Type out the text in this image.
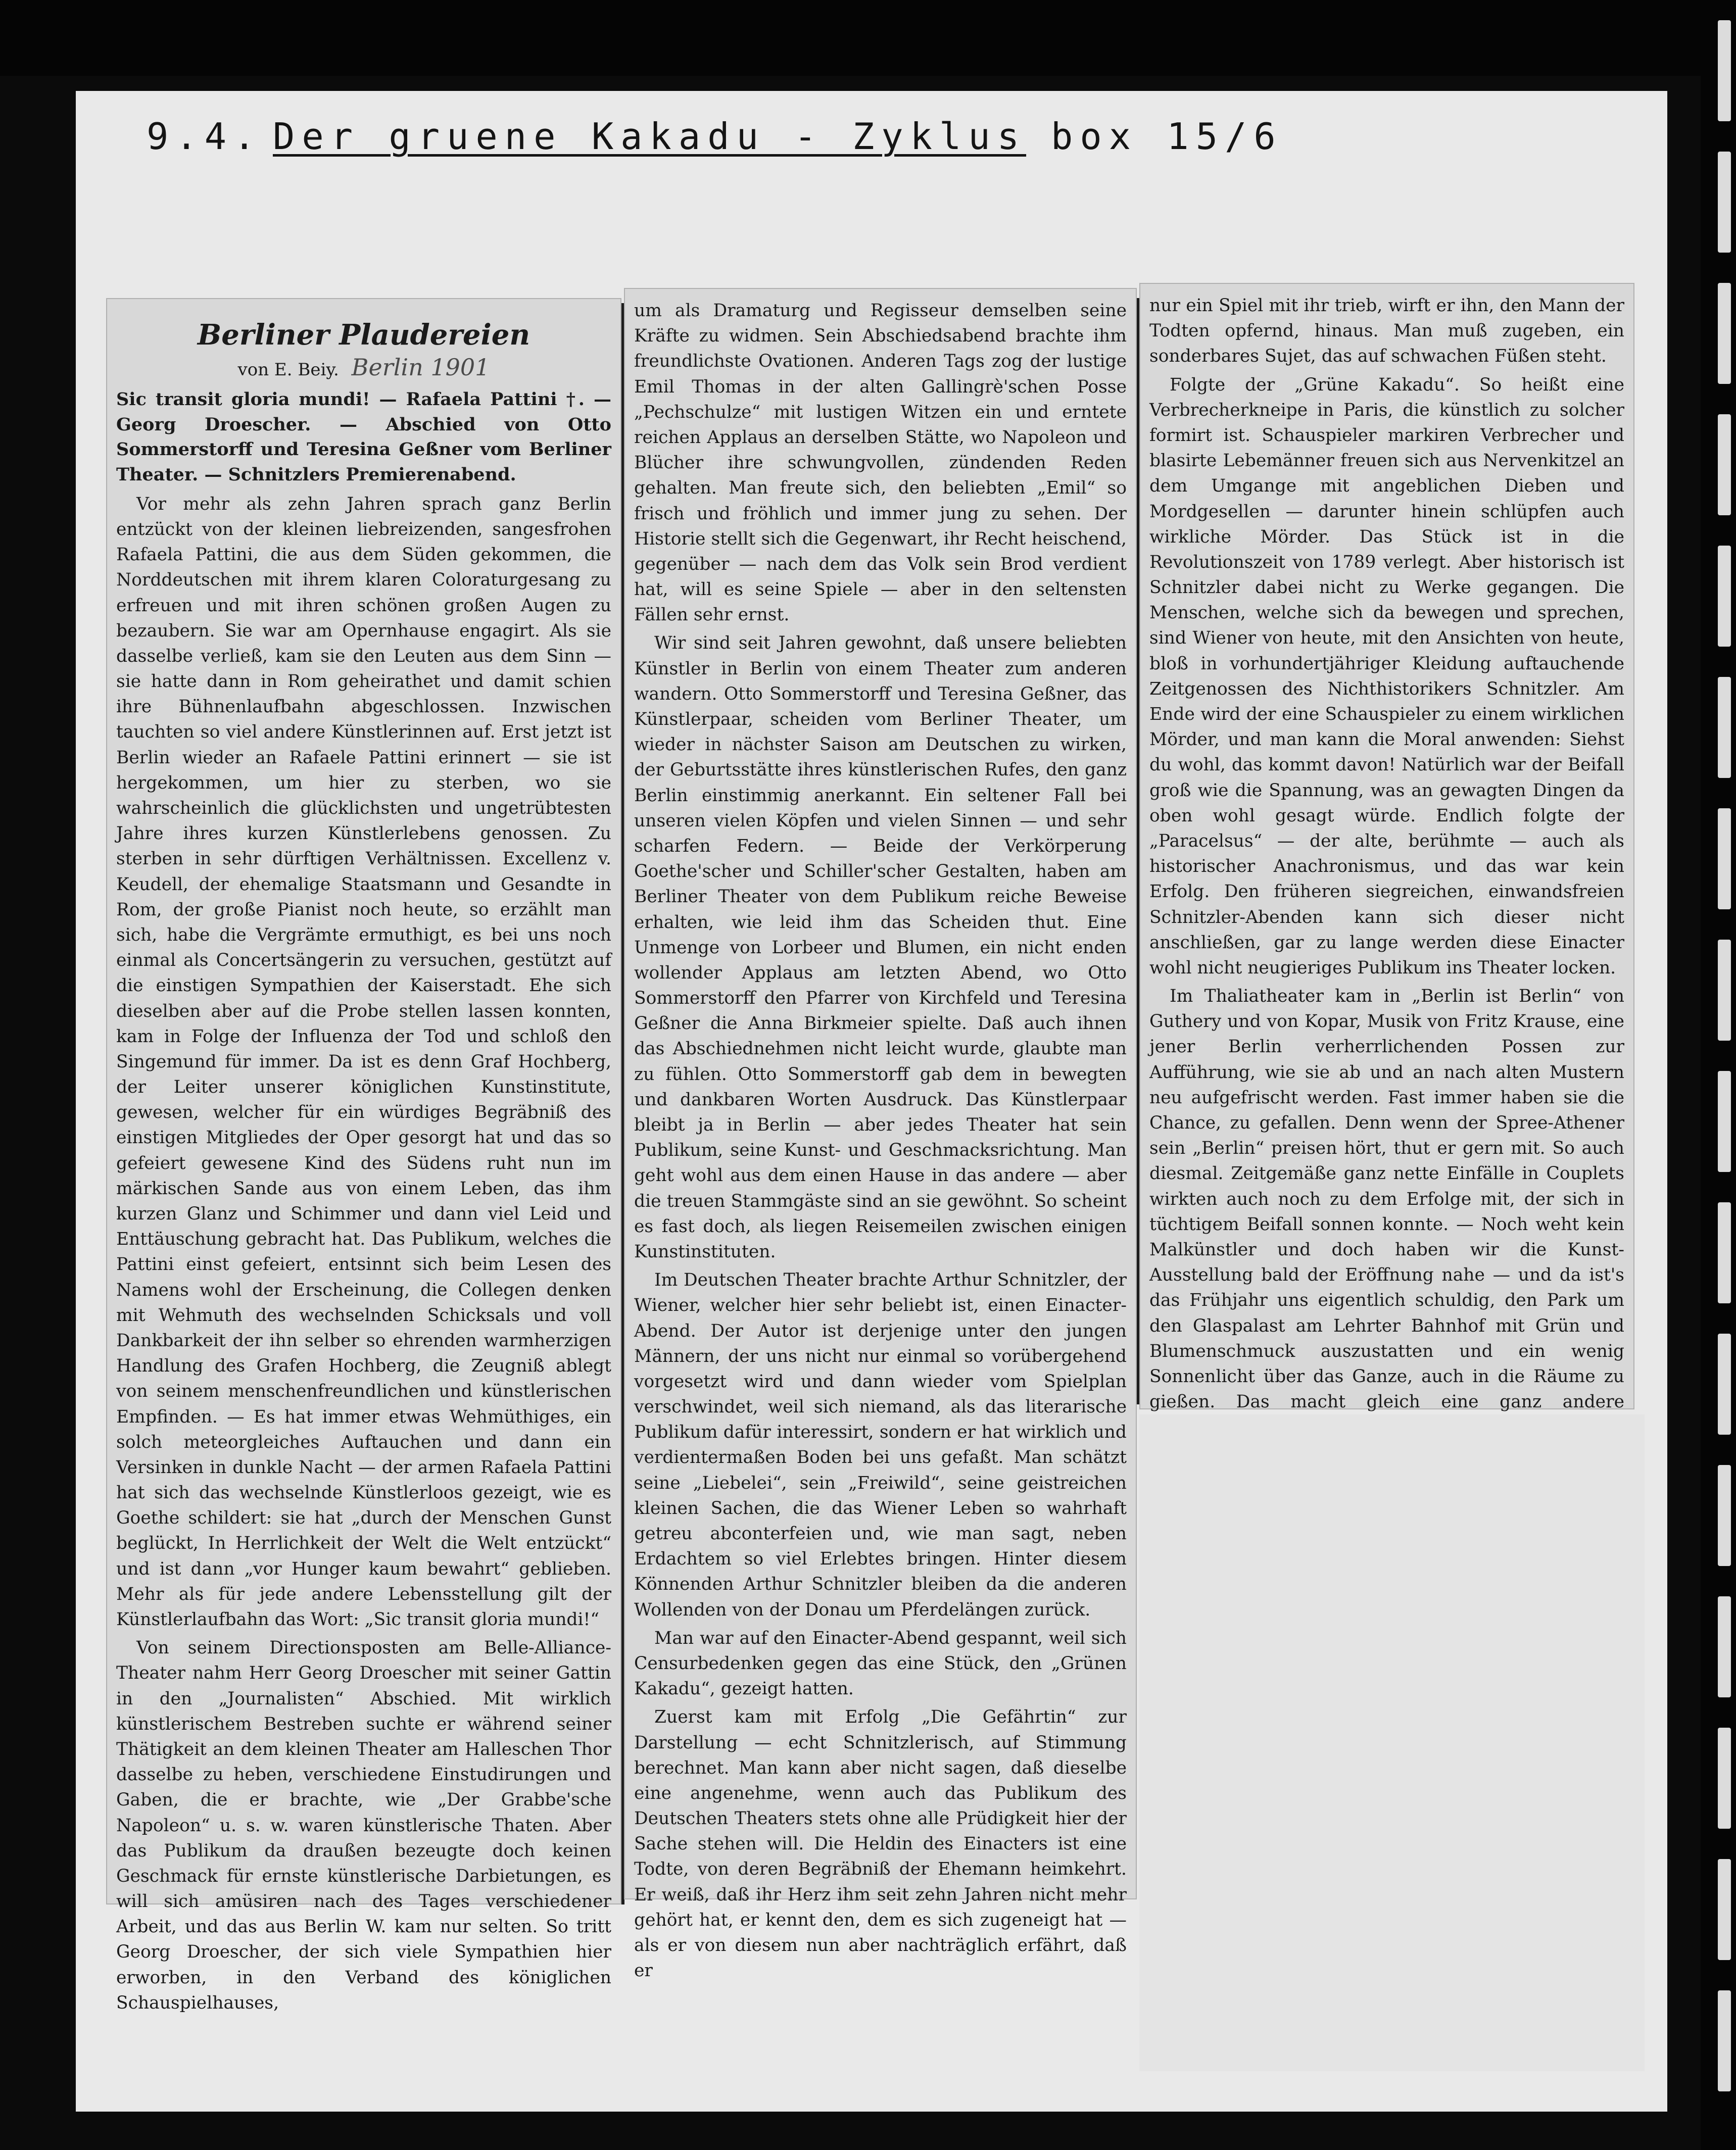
9.4. Der gruene Kakadu - Zyklus box 15/6
Berliner Plaudereien
von E. Beiy. Berlin 1901
Sic transit gloria mundi! — Rafaela Pattini †. — Georg Droescher. — Abschied von Otto Sommerstorff und Teresina Geßner vom Berliner Theater. — Schnitzlers Premierenabend.

Vor mehr als zehn Jahren sprach ganz Berlin entzückt von der kleinen liebreizenden, sangesfrohen Rafaela Pattini, die aus dem Süden gekommen, die Norddeutschen mit ihrem klaren Coloraturgesang zu erfreuen und mit ihren schönen großen Augen zu bezaubern. Sie war am Opernhause engagirt. Als sie dasselbe verließ, kam sie den Leuten aus dem Sinn — sie hatte dann in Rom geheirathet und damit schien ihre Bühnenlaufbahn abgeschlossen. Inzwischen tauchten so viel andere Künstlerinnen auf. Erst jetzt ist Berlin wieder an Rafaele Pattini erinnert — sie ist hergekommen, um hier zu sterben, wo sie wahrscheinlich die glücklichsten und ungetrübtesten Jahre ihres kurzen Künstlerlebens genossen. Zu sterben in sehr dürftigen Verhältnissen. Excellenz v. Keudell, der ehemalige Staatsmann und Gesandte in Rom, der große Pianist noch heute, so erzählt man sich, habe die Vergrämte ermuthigt, es bei uns noch einmal als Concertsängerin zu versuchen, gestützt auf die einstigen Sympathien der Kaiserstadt. Ehe sich dieselben aber auf die Probe stellen lassen konnten, kam in Folge der Influenza der Tod und schloß den Singemund für immer. Da ist es denn Graf Hochberg, der Leiter unserer königlichen Kunstinstitute, gewesen, welcher für ein würdiges Begräbniß des einstigen Mitgliedes der Oper gesorgt hat und das so gefeiert gewesene Kind des Südens ruht nun im märkischen Sande aus von einem Leben, das ihm kurzen Glanz und Schimmer und dann viel Leid und Enttäuschung gebracht hat. Das Publikum, welches die Pattini einst gefeiert, entsinnt sich beim Lesen des Namens wohl der Erscheinung, die Collegen denken mit Wehmuth des wechselnden Schicksals und voll Dankbarkeit der ihn selber so ehrenden warmherzigen Handlung des Grafen Hochberg, die Zeugniß ablegt von seinem menschenfreundlichen und künstlerischen Empfinden. — Es hat immer etwas Wehmüthiges, ein solch meteorgleiches Auftauchen und dann ein Versinken in dunkle Nacht — der armen Rafaela Pattini hat sich das wechselnde Künstlerloos gezeigt, wie es Goethe schildert: sie hat „durch der Menschen Gunst beglückt, In Herrlichkeit der Welt die Welt entzückt“ und ist dann „vor Hunger kaum bewahrt“ geblieben. Mehr als für jede andere Lebensstellung gilt der Künstlerlaufbahn das Wort: „Sic transit gloria mundi!“

Von seinem Directionsposten am Belle-Alliance-Theater nahm Herr Georg Droescher mit seiner Gattin in den „Journalisten“ Abschied. Mit wirklich künstlerischem Bestreben suchte er während seiner Thätigkeit an dem kleinen Theater am Halleschen Thor dasselbe zu heben, verschiedene Einstudirungen und Gaben, die er brachte, wie „Der Grabbe'sche Napoleon“ u. s. w. waren künstlerische Thaten. Aber das Publikum da draußen bezeugte doch keinen Geschmack für ernste künstlerische Darbietungen, es will sich amüsiren nach des Tages verschiedener Arbeit, und das aus Berlin W. kam nur selten. So tritt Georg Droescher, der sich viele Sympathien hier erworben, in den Verband des königlichen Schauspielhauses,

um als Dramaturg und Regisseur demselben seine Kräfte zu widmen. Sein Abschiedsabend brachte ihm freundlichste Ovationen. Anderen Tags zog der lustige Emil Thomas in der alten Gallingrè'schen Posse „Pechschulze“ mit lustigen Witzen ein und erntete reichen Applaus an derselben Stätte, wo Napoleon und Blücher ihre schwungvollen, zündenden Reden gehalten. Man freute sich, den beliebten „Emil“ so frisch und fröhlich und immer jung zu sehen. Der Historie stellt sich die Gegenwart, ihr Recht heischend, gegenüber — nach dem das Volk sein Brod verdient hat, will es seine Spiele — aber in den seltensten Fällen sehr ernst.

Wir sind seit Jahren gewohnt, daß unsere beliebten Künstler in Berlin von einem Theater zum anderen wandern. Otto Sommerstorff und Teresina Geßner, das Künstlerpaar, scheiden vom Berliner Theater, um wieder in nächster Saison am Deutschen zu wirken, der Geburtsstätte ihres künstlerischen Rufes, den ganz Berlin einstimmig anerkannt. Ein seltener Fall bei unseren vielen Köpfen und vielen Sinnen — und sehr scharfen Federn. — Beide der Verkörperung Goethe'scher und Schiller'scher Gestalten, haben am Berliner Theater von dem Publikum reiche Beweise erhalten, wie leid ihm das Scheiden thut. Eine Unmenge von Lorbeer und Blumen, ein nicht enden wollender Applaus am letzten Abend, wo Otto Sommerstorff den Pfarrer von Kirchfeld und Teresina Geßner die Anna Birkmeier spielte. Daß auch ihnen das Abschiednehmen nicht leicht wurde, glaubte man zu fühlen. Otto Sommerstorff gab dem in bewegten und dankbaren Worten Ausdruck. Das Künstlerpaar bleibt ja in Berlin — aber jedes Theater hat sein Publikum, seine Kunst- und Geschmacksrichtung. Man geht wohl aus dem einen Hause in das andere — aber die treuen Stammgäste sind an sie gewöhnt. So scheint es fast doch, als liegen Reisemeilen zwischen einigen Kunstinstituten.

Im Deutschen Theater brachte Arthur Schnitzler, der Wiener, welcher hier sehr beliebt ist, einen Einacter-Abend. Der Autor ist derjenige unter den jungen Männern, der uns nicht nur einmal so vorübergehend vorgesetzt wird und dann wieder vom Spielplan verschwindet, weil sich niemand, als das literarische Publikum dafür interessirt, sondern er hat wirklich und verdientermaßen Boden bei uns gefaßt. Man schätzt seine „Liebelei“, sein „Freiwild“, seine geistreichen kleinen Sachen, die das Wiener Leben so wahrhaft getreu abconterfeien und, wie man sagt, neben Erdachtem so viel Erlebtes bringen. Hinter diesem Könnenden Arthur Schnitzler bleiben da die anderen Wollenden von der Donau um Pferdelängen zurück.

Man war auf den Einacter-Abend gespannt, weil sich Censurbedenken gegen das eine Stück, den „Grünen Kakadu“, gezeigt hatten.

Zuerst kam mit Erfolg „Die Gefährtin“ zur Darstellung — echt Schnitzlerisch, auf Stimmung berechnet. Man kann aber nicht sagen, daß dieselbe eine angenehme, wenn auch das Publikum des Deutschen Theaters stets ohne alle Prüdigkeit hier der Sache stehen will. Die Heldin des Einacters ist eine Todte, von deren Begräbniß der Ehemann heimkehrt. Er weiß, daß ihr Herz ihm seit zehn Jahren nicht mehr gehört hat, er kennt den, dem es sich zugeneigt hat — als er von diesem nun aber nachträglich erfährt, daß er

nur ein Spiel mit ihr trieb, wirft er ihn, den Mann der Todten opfernd, hinaus. Man muß zugeben, ein sonderbares Sujet, das auf schwachen Füßen steht.

Folgte der „Grüne Kakadu“. So heißt eine Verbrecherkneipe in Paris, die künstlich zu solcher formirt ist. Schauspieler markiren Verbrecher und blasirte Lebemänner freuen sich aus Nervenkitzel an dem Umgange mit angeblichen Dieben und Mordgesellen — darunter hinein schlüpfen auch wirkliche Mörder. Das Stück ist in die Revolutionszeit von 1789 verlegt. Aber historisch ist Schnitzler dabei nicht zu Werke gegangen. Die Menschen, welche sich da bewegen und sprechen, sind Wiener von heute, mit den Ansichten von heute, bloß in vorhundertjähriger Kleidung auftauchende Zeitgenossen des Nichthistorikers Schnitzler. Am Ende wird der eine Schauspieler zu einem wirklichen Mörder, und man kann die Moral anwenden: Siehst du wohl, das kommt davon! Natürlich war der Beifall groß wie die Spannung, was an gewagten Dingen da oben wohl gesagt würde. Endlich folgte der „Paracelsus“ — der alte, berühmte — auch als historischer Anachronismus, und das war kein Erfolg. Den früheren siegreichen, einwandsfreien Schnitzler-Abenden kann sich dieser nicht anschließen, gar zu lange werden diese Einacter wohl nicht neugieriges Publikum ins Theater locken.

Im Thaliatheater kam in „Berlin ist Berlin“ von Guthery und von Kopar, Musik von Fritz Krause, eine jener Berlin verherrlichenden Possen zur Aufführung, wie sie ab und an nach alten Mustern neu aufgefrischt werden. Fast immer haben sie die Chance, zu gefallen. Denn wenn der Spree-Athener sein „Berlin“ preisen hört, thut er gern mit. So auch diesmal. Zeitgemäße ganz nette Einfälle in Couplets wirkten auch noch zu dem Erfolge mit, der sich in tüchtigem Beifall sonnen konnte. — Noch weht kein Malkünstler und doch haben wir die Kunst-Ausstellung bald der Eröffnung nahe — und da ist's das Frühjahr uns eigentlich schuldig, den Park um den Glaspalast am Lehrter Bahnhof mit Grün und Blumenschmuck auszustatten und ein wenig Sonnenlicht über das Ganze, auch in die Räume zu gießen. Das macht gleich eine ganz andere
